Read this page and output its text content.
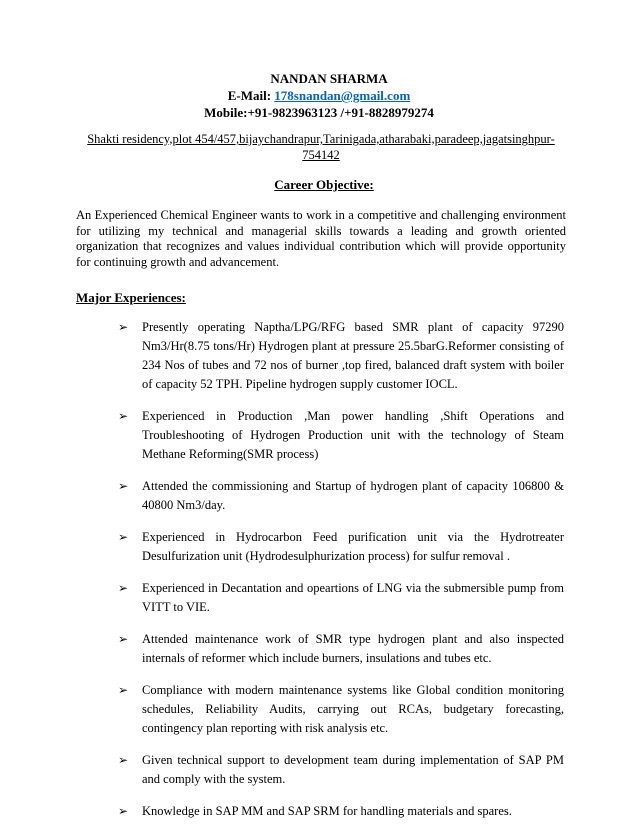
NANDAN SHARMA
E-Mail: 178snandan@gmail.com
Mobile:+91-9823963123 /+91-8828979274
Shakti residency,plot 454/457,bijaychandrapur,Tarinigada,atharabaki,paradeep,jagatsinghpur-754142
Career Objective:
An Experienced Chemical Engineer wants to work in a competitive and challenging environment for utilizing my technical and managerial skills towards a leading and growth oriented organization that recognizes and values individual contribution which will provide opportunity for continuing growth and advancement.
Major Experiences:
➢ Presently operating Naptha/LPG/RFG based SMR plant of capacity 97290 Nm3/Hr(8.75 tons/Hr) Hydrogen plant at pressure 25.5barG.Reformer consisting of 234 Nos of tubes and 72 nos of burner ,top fired, balanced draft system with boiler of capacity 52 TPH. Pipeline hydrogen supply customer IOCL.
➢ Experienced in Production ,Man power handling ,Shift Operations and Troubleshooting of Hydrogen Production unit with the technology of Steam Methane Reforming(SMR process)
➢ Attended the commissioning and Startup of hydrogen plant of capacity 106800 & 40800 Nm3/day.
➢ Experienced in Hydrocarbon Feed purification unit via the Hydrotreater Desulfurization unit (Hydrodesulphurization process) for sulfur removal .
➢ Experienced in Decantation and opeartions of LNG via the submersible pump from VITT to VIE.
➢ Attended maintenance work of SMR type hydrogen plant and also inspected internals of reformer which include burners, insulations and tubes etc.
➢ Compliance with modern maintenance systems like Global condition monitoring schedules, Reliability Audits, carrying out RCAs, budgetary forecasting, contingency plan reporting with risk analysis etc.
➢ Given technical support to development team during implementation of SAP PM and comply with the system.
➢ Knowledge in SAP MM and SAP SRM for handling materials and spares.
